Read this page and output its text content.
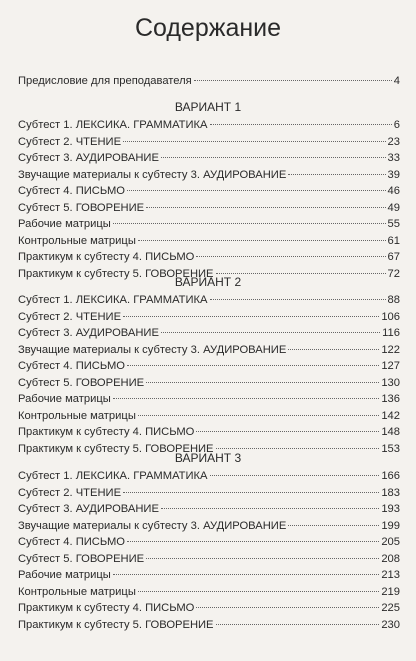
Содержание
Предисловие для преподавателя	4
ВАРИАНТ 1
Субтест 1. ЛЕКСИКА. ГРАММАТИКА	6
Субтест 2. ЧТЕНИЕ	23
Субтест 3. АУДИРОВАНИЕ	33
Звучащие материалы к субтесту 3. АУДИРОВАНИЕ	39
Субтест 4. ПИСЬМО	46
Субтест 5. ГОВОРЕНИЕ	49
Рабочие матрицы	55
Контрольные матрицы	61
Практикум к субтесту 4. ПИСЬМО	67
Практикум к субтесту 5. ГОВОРЕНИЕ	72
ВАРИАНТ 2
Субтест 1. ЛЕКСИКА. ГРАММАТИКА	88
Субтест 2. ЧТЕНИЕ	106
Субтест 3. АУДИРОВАНИЕ	116
Звучащие материалы к субтесту 3. АУДИРОВАНИЕ	122
Субтест 4. ПИСЬМО	127
Субтест 5. ГОВОРЕНИЕ	130
Рабочие матрицы	136
Контрольные матрицы	142
Практикум к субтесту 4. ПИСЬМО	148
Практикум к субтесту 5. ГОВОРЕНИЕ	153
ВАРИАНТ 3
Субтест 1. ЛЕКСИКА. ГРАММАТИКА	166
Субтест 2. ЧТЕНИЕ	183
Субтест 3. АУДИРОВАНИЕ	193
Звучащие материалы к субтесту 3. АУДИРОВАНИЕ	199
Субтест 4. ПИСЬМО	205
Субтест 5. ГОВОРЕНИЕ	208
Рабочие матрицы	213
Контрольные матрицы	219
Практикум к субтесту 4. ПИСЬМО	225
Практикум к субтесту 5. ГОВОРЕНИЕ	230
